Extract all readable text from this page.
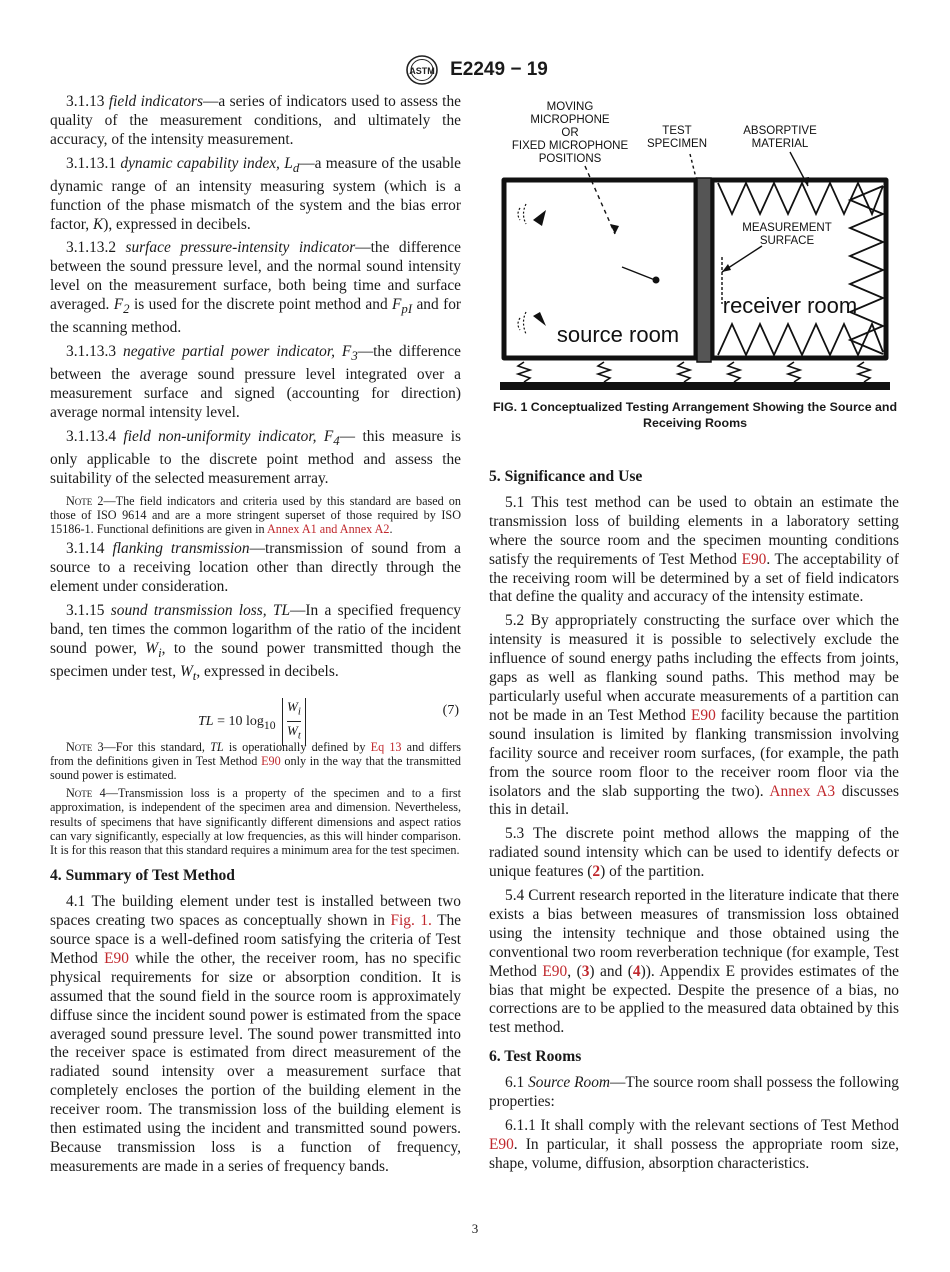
ASTM E2249 − 19

3.1.13 field indicators—a series of indicators used to assess the quality of the measurement conditions, and ultimately the accuracy, of the intensity measurement.

3.1.13.1 dynamic capability index, $L_d—a$ measure of the usable dynamic range of an intensity measuring system (which is a function of the phase mismatch of the system and the bias error factor, K), expressed in decibels.

3.1.13.2 surface pressure-intensity indicator—the difference between the sound pressure level, and the normal sound intensity level on the measurement surface, both being time and surface averaged. $F_2$ is used for the discrete point method and $F_{pI}$ and for the scanning method.

3.1.13.3 negative partial power indicator, $F_3—the$ difference between the average sound pressure level integrated over a measurement surface and signed (accounting for direction) average normal intensity level.

3.1.13.4 field non-uniformity indicator, $F_4—$ this measure is only applicable to the discrete point method and assess the suitability of the selected measurement array.

Note 2—The field indicators and criteria used by this standard are based on those of ISO 9614 and are a more stringent superset of those required by ISO 15186-1. Functional definitions are given in Annex A1 and Annex A2.

3.1.14 flanking transmission—transmission of sound from a source to a receiving location other than directly through the element under consideration.

3.1.15 sound transmission loss, TL—In a specified frequency band, ten times the common logarithm of the ratio of the incident sound power, $W_i$, to the sound power transmitted though the specimen under test, $W_t$, expressed in decibels.

TL = 10 $\log_{10} \frac{W_i}{W_t}$	(7)

Note 3—For this standard, TL is operationally defined by Eq 13 and differs from the definitions given in Test Method E90 only in the way that the transmitted sound power is estimated.

Note 4—Transmission loss is a property of the specimen and to a first approximation, is independent of the specimen area and dimension. Nevertheless, results of specimens that have significantly different dimensions and aspect ratios can vary significantly, especially at low frequencies, as this will hinder comparison. It is for this reason that this standard requires a minimum area for the test specimen.

4. Summary of Test Method

4.1 The building element under test is installed between two spaces creating two spaces as conceptually shown in Fig. 1. The source space is a well-defined room satisfying the criteria of Test Method E90 while the other, the receiver room, has no specific physical requirements for size or absorption condition. It is assumed that the sound field in the source room is approximately diffuse since the incident sound power is estimated from the space averaged sound pressure level. The sound power transmitted into the receiver space is estimated from direct measurement of the radiated sound intensity over a measurement surface that completely encloses the portion of the building element in the receiver room. The transmission loss of the building element is then estimated using the incident and transmitted sound powers. Because transmission loss is a function of frequency, measurements are made in a series of frequency bands.

MOVING
MICROPHONE
OR
FIXED MICROPHONE
POSITIONS
TEST
SPECIMEN
ABSORPTIVE
MATERIAL
MEASUREMENT
SURFACE
receiver room
source room
FIG. 1 Conceptualized Testing Arrangement Showing the Source and Receiving Rooms
5. Significance and Use

5.1 This test method can be used to obtain an estimate the transmission loss of building elements in a laboratory setting where the source room and the specimen mounting conditions satisfy the requirements of Test Method E90. The acceptability of the receiving room will be determined by a set of field indicators that define the quality and accuracy of the intensity estimate.

5.2 By appropriately constructing the surface over which the intensity is measured it is possible to selectively exclude the influence of sound energy paths including the effects from joints, gaps as well as flanking sound paths. This method may be particularly useful when accurate measurements of a partition can not be made in an Test Method E90 facility because the partition sound insulation is limited by flanking transmission involving facility source and receiver room surfaces, (for example, the path from the source room floor to the receiver room floor via the isolators and the slab supporting the two). Annex A3 discusses this in detail.

5.3 The discrete point method allows the mapping of the radiated sound intensity which can be used to identify defects or unique features (2) of the partition.

5.4 Current research reported in the literature indicate that there exists a bias between measures of transmission loss obtained using the intensity technique and those obtained using the conventional two room reverberation technique (for example, Test Method E90, (3) and (4)). Appendix E provides estimates of the bias that might be expected. Despite the presence of a bias, no corrections are to be applied to the measured data obtained by this test method.

6. Test Rooms

6.1 Source Room—The source room shall possess the following properties:

6.1.1 It shall comply with the relevant sections of Test Method E90. In particular, it shall possess the appropriate room size, shape, volume, diffusion, absorption characteristics.

3
